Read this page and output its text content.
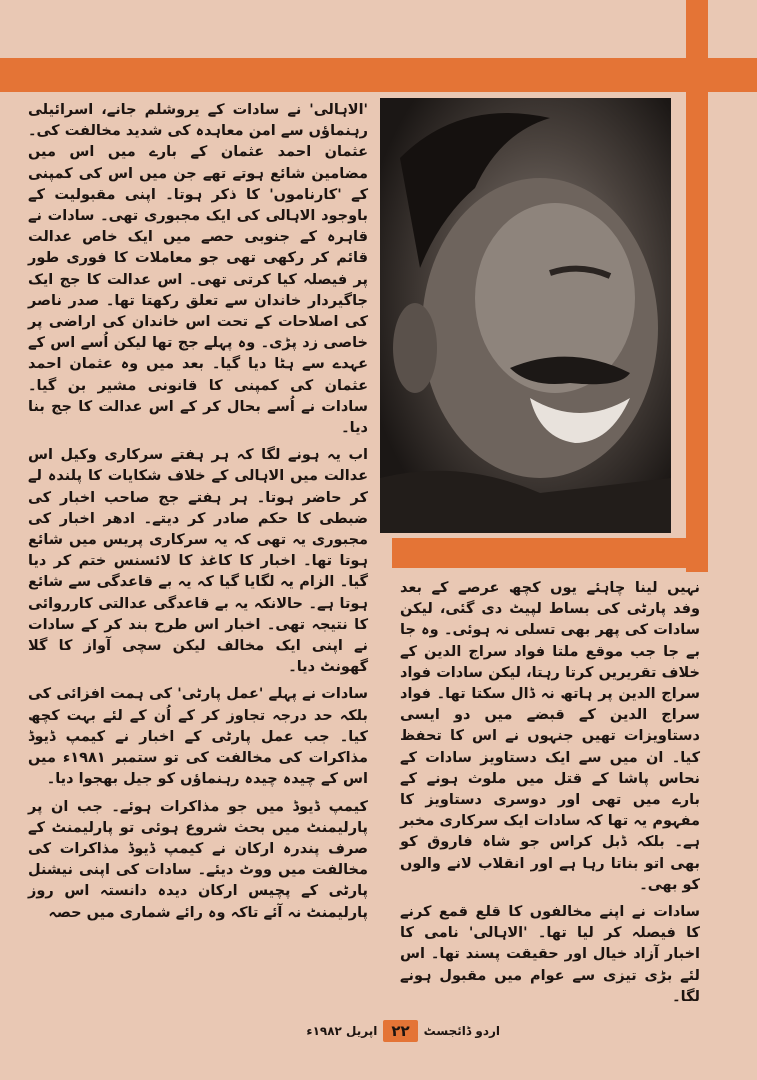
'الاہالی' نے سادات کے یروشلم جانے، اسرائیلی رہنماؤں سے امن معاہدہ کی شدید مخالفت کی۔ عثمان احمد عثمان کے بارے میں اس میں مضامین شائع ہوتے تھے جن میں اس کی کمپنی کے 'کارناموں' کا ذکر ہوتا۔ اپنی مقبولیت کے باوجود الاہالی کی ایک مجبوری تھی۔ سادات نے قاہرہ کے جنوبی حصے میں ایک خاص عدالت قائم کر رکھی تھی جو معاملات کا فوری طور پر فیصلہ کیا کرتی تھی۔ اس عدالت کا جج ایک جاگیردار خاندان سے تعلق رکھتا تھا۔ صدر ناصر کی اصلاحات کے تحت اس خاندان کی اراضی پر خاصی زد پڑی۔ وہ پہلے جج تھا لیکن اُسے اس کے عہدے سے ہٹا دیا گیا۔ بعد میں وہ عثمان احمد عثمان کی کمپنی کا قانونی مشیر بن گیا۔ سادات نے اُسے بحال کر کے اس عدالت کا جج بنا دیا۔

اب یہ ہونے لگا کہ ہر ہفتے سرکاری وکیل اس عدالت میں الاہالی کے خلاف شکایات کا پلندہ لے کر حاضر ہوتا۔ ہر ہفتے جج صاحب اخبار کی ضبطی کا حکم صادر کر دیتے۔ ادھر اخبار کی مجبوری یہ تھی کہ یہ سرکاری پریس میں شائع ہوتا تھا۔ اخبار کا کاغذ کا لائسنس ختم کر دیا گیا۔ الزام یہ لگایا گیا کہ یہ بے قاعدگی سے شائع ہوتا ہے۔ حالانکہ یہ بے قاعدگی عدالتی کارروائی کا نتیجہ تھی۔ اخبار اس طرح بند کر کے سادات نے اپنی ایک مخالف لیکن سچی آواز کا گلا گھونٹ دیا۔

سادات نے پہلے 'عمل پارٹی' کی ہمت افزائی کی بلکہ حد درجہ تجاوز کر کے اُن کے لئے بہت کچھ کیا۔ جب عمل پارٹی کے اخبار نے کیمپ ڈیوڈ مذاکرات کی مخالفت کی تو ستمبر ۱۹۸۱ء میں اس کے چیدہ چیدہ رہنماؤں کو جیل بھجوا دیا۔

کیمپ ڈیوڈ میں جو مذاکرات ہوئے۔ جب ان پر پارلیمنٹ میں بحث شروع ہوئی تو پارلیمنٹ کے صرف پندرہ ارکان نے کیمپ ڈیوڈ مذاکرات کی مخالفت میں ووٹ دیئے۔ سادات کی اپنی نیشنل پارٹی کے پچیس ارکان دیدہ دانستہ اس روز پارلیمنٹ نہ آئے تاکہ وہ رائے شماری میں حصہ

نہیں لینا چاہئے یوں کچھ عرصے کے بعد وفد پارٹی کی بساط لپیٹ دی گئی، لیکن سادات کی پھر بھی تسلی نہ ہوئی۔ وہ جا بے جا جب موقع ملتا فواد سراج الدین کے خلاف تقریریں کرتا رہتا، لیکن سادات فواد سراج الدین پر ہاتھ نہ ڈال سکتا تھا۔ فواد سراج الدین کے قبضے میں دو ایسی دستاویزات تھیں جنہوں نے اس کا تحفظ کیا۔ ان میں سے ایک دستاویز سادات کے نحاس پاشا کے قتل میں ملوث ہونے کے بارے میں تھی اور دوسری دستاویز کا مفہوم یہ تھا کہ سادات ایک سرکاری مخبر ہے۔ بلکہ ڈبل کراس جو شاہ فاروق کو بھی اتو بناتا رہا ہے اور انقلاب لانے والوں کو بھی۔

سادات نے اپنے مخالفوں کا قلع قمع کرنے کا فیصلہ کر لیا تھا۔ 'الاہالی' نامی کا اخبار آزاد خیال اور حقیقت پسند تھا۔ اس لئے بڑی تیزی سے عوام میں مقبول ہونے لگا۔

اردو ڈائجسٹ
۲۲
اپریل ۱۹۸۲ء
